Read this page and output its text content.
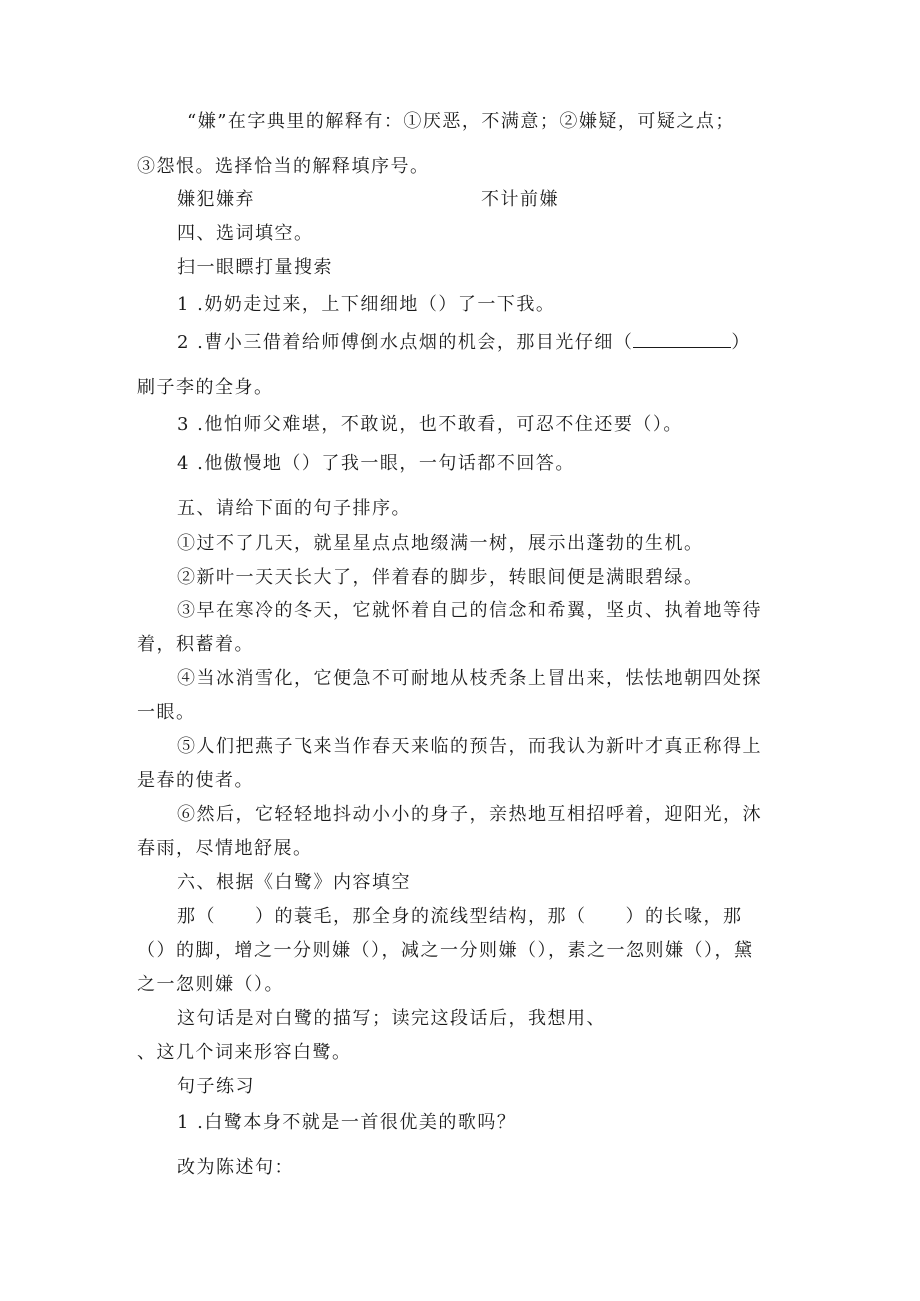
“嫌”在字典里的解释有：①厌恶，不满意；②嫌疑，可疑之点；
③怨恨。选择恰当的解释填序号。
嫌犯嫌弃	不计前嫌
四、选词填空。
扫一眼瞟打量搜索
1 .奶奶走过来，上下细细地（）了一下我。
2 .曹小三借着给师傅倒水点烟的机会，那目光仔细（	）
刷子李的全身。
3 .他怕师父难堪，不敢说，也不敢看，可忍不住还要（）。
4 .他傲慢地（）了我一眼，一句话都不回答。
五、请给下面的句子排序。
①过不了几天，就星星点点地缀满一树，展示出蓬勃的生机。
②新叶一天天长大了，伴着春的脚步，转眼间便是满眼碧绿。
③早在寒冷的冬天，它就怀着自己的信念和希翼，坚贞、执着地等待
着，积蓄着。
④当冰消雪化，它便急不可耐地从枝秃条上冒出来，怯怯地朝四处探
一眼。
⑤人们把燕子飞来当作春天来临的预告，而我认为新叶才真正称得上
是春的使者。
⑥然后，它轻轻地抖动小小的身子，亲热地互相招呼着，迎阳光，沐
春雨，尽情地舒展。
六、根据《白鹭》内容填空
那（　　）的蓑毛，那全身的流线型结构，那（　　）的长喙，那
（）的脚，增之一分则嫌（），减之一分则嫌（），素之一忽则嫌（），黛
之一忽则嫌（）。
这句话是对白鹭的描写；读完这段话后，我想用、
、这几个词来形容白鹭。
句子练习
1 .白鹭本身不就是一首很优美的歌吗？
改为陈述句：
